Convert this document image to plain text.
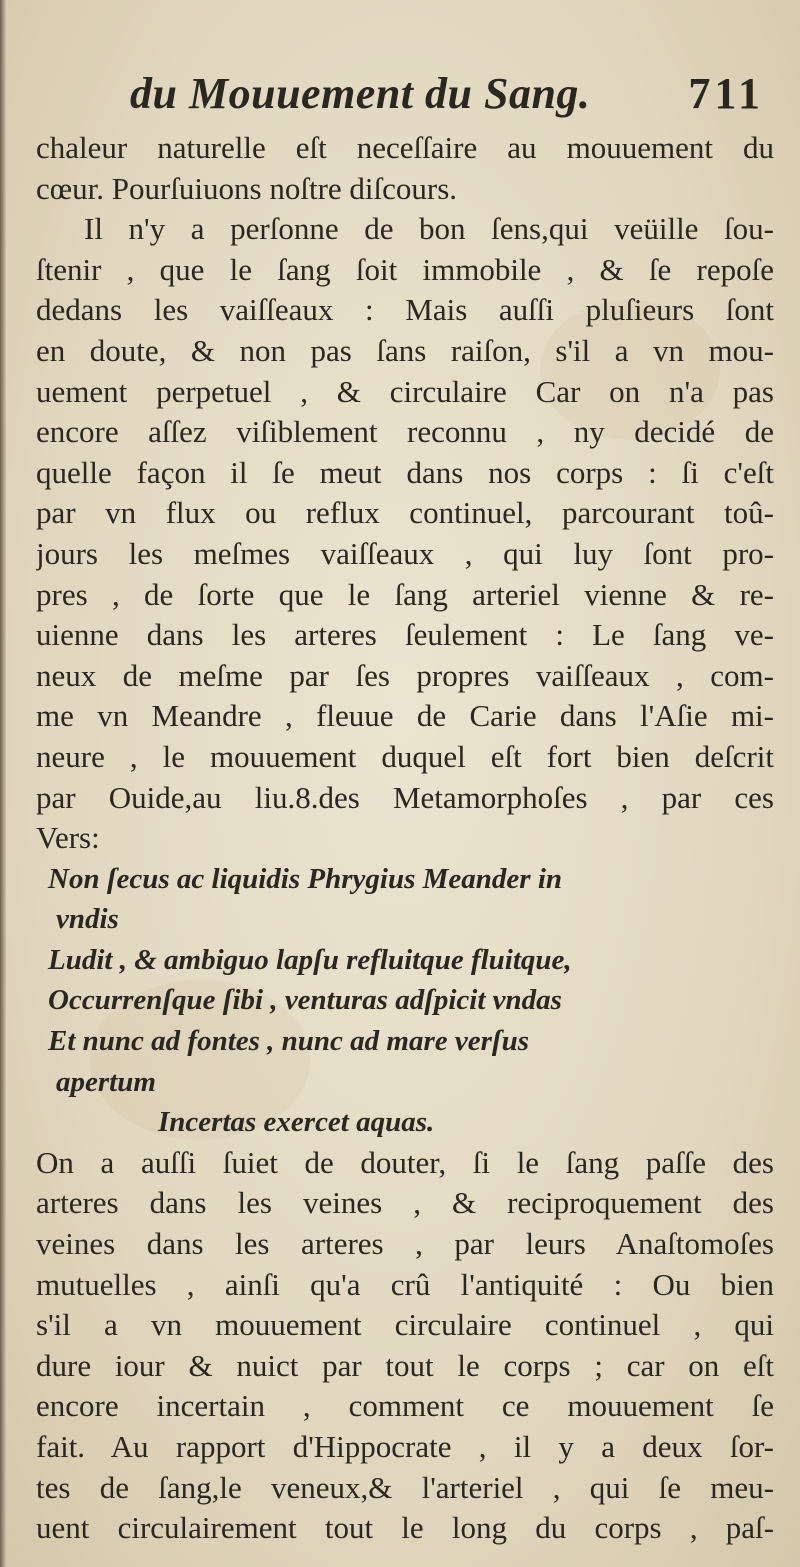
du Mouuement du Sang. 711
chaleur naturelle eſt neceſſaire au mouuement du
cœur. Pourſuiuons noſtre diſcours.
Il n'y a perſonne de bon ſens,qui veüille ſou-
ſtenir , que le ſang ſoit immobile , & ſe repoſe
dedans les vaiſſeaux : Mais auſſi pluſieurs ſont
en doute, & non pas ſans raiſon, s'il a vn mou-
uement perpetuel , & circulaire Car on n'a pas
encore aſſez viſiblement reconnu , ny decidé de
quelle façon il ſe meut dans nos corps : ſi c'eſt
par vn flux ou reflux continuel, parcourant toû-
jours les meſmes vaiſſeaux , qui luy ſont pro-
pres , de ſorte que le ſang arteriel vienne & re-
uienne dans les arteres ſeulement : Le ſang ve-
neux de meſme par ſes propres vaiſſeaux , com-
me vn Meandre , fleuue de Carie dans l'Aſie mi-
neure , le mouuement duquel eſt fort bien deſcrit
par Ouide,au liu.8.des Metamorphoſes , par ces
Vers:
Non ſecus ac liquidis Phrygius Meander in
vndis
Ludit , & ambiguo lapſu refluitque fluitque,
Occurrenſque ſibi , venturas adſpicit vndas
Et nunc ad fontes , nunc ad mare verſus
apertum
Incertas exercet aquas.
On a auſſi ſuiet de douter, ſi le ſang paſſe des
arteres dans les veines , & reciproquement des
veines dans les arteres , par leurs Anaſtomoſes
mutuelles , ainſi qu'a crû l'antiquité : Ou bien
s'il a vn mouuement circulaire continuel , qui
dure iour & nuict par tout le corps ; car on eſt
encore incertain , comment ce mouuement ſe
fait. Au rapport d'Hippocrate , il y a deux ſor-
tes de ſang,le veneux,& l'arteriel , qui ſe meu-
uent circulairement tout le long du corps , paſ-
